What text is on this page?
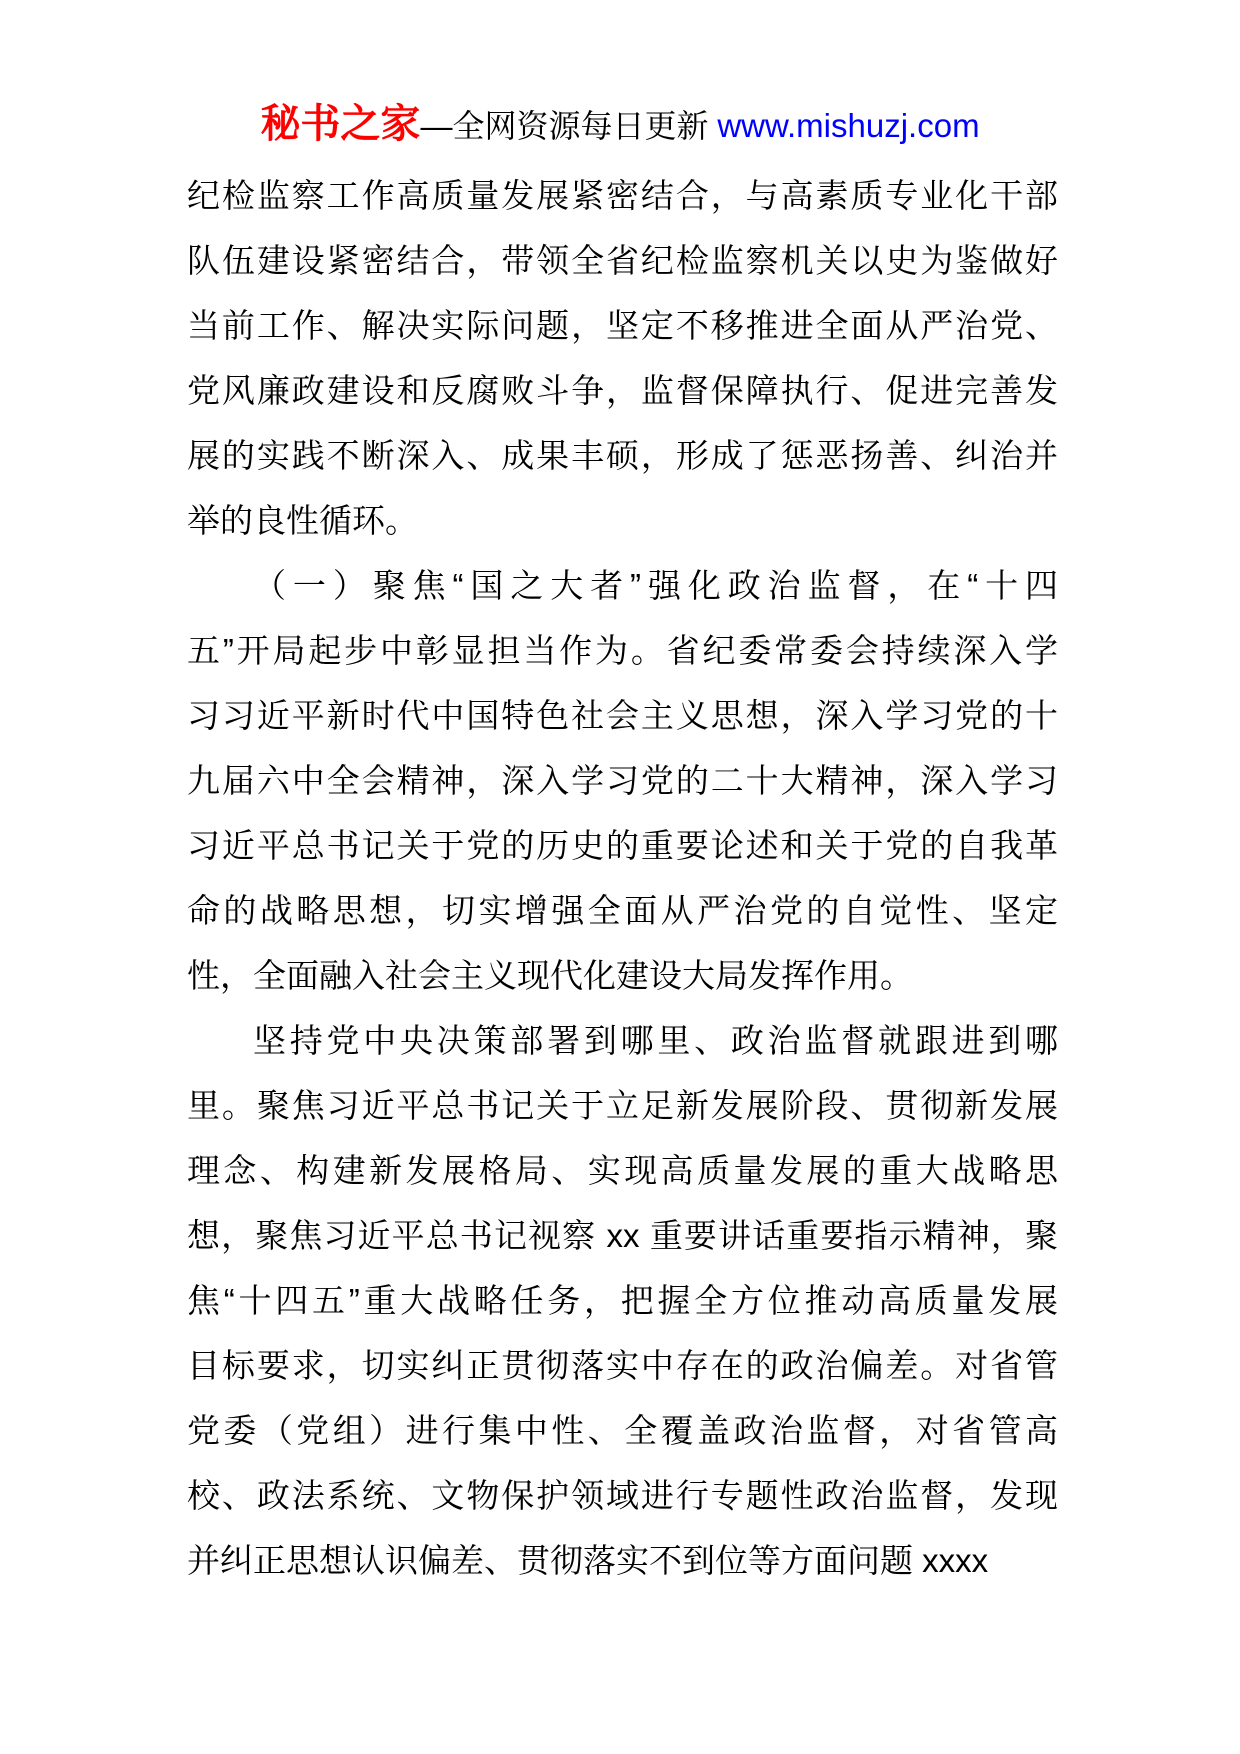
秘书之家—全网资源每日更新 www.mishuzj.com
纪检监察工作高质量发展紧密结合，与高素质专业化干部
队伍建设紧密结合，带领全省纪检监察机关以史为鉴做好
当前工作、解决实际问题，坚定不移推进全面从严治党、
党风廉政建设和反腐败斗争，监督保障执行、促进完善发
展的实践不断深入、成果丰硕，形成了惩恶扬善、纠治并
举的良性循环。
（一）聚焦“国之大者”强化政治监督，在“十四
五”开局起步中彰显担当作为。省纪委常委会持续深入学
习习近平新时代中国特色社会主义思想，深入学习党的十
九届六中全会精神，深入学习党的二十大精神，深入学习
习近平总书记关于党的历史的重要论述和关于党的自我革
命的战略思想，切实增强全面从严治党的自觉性、坚定
性，全面融入社会主义现代化建设大局发挥作用。
坚持党中央决策部署到哪里、政治监督就跟进到哪
里。聚焦习近平总书记关于立足新发展阶段、贯彻新发展
理念、构建新发展格局、实现高质量发展的重大战略思
想，聚焦习近平总书记视察 xx 重要讲话重要指示精神，聚
焦“十四五”重大战略任务，把握全方位推动高质量发展
目标要求，切实纠正贯彻落实中存在的政治偏差。对省管
党委（党组）进行集中性、全覆盖政治监督，对省管高
校、政法系统、文物保护领域进行专题性政治监督，发现
并纠正思想认识偏差、贯彻落实不到位等方面问题 xxxx
